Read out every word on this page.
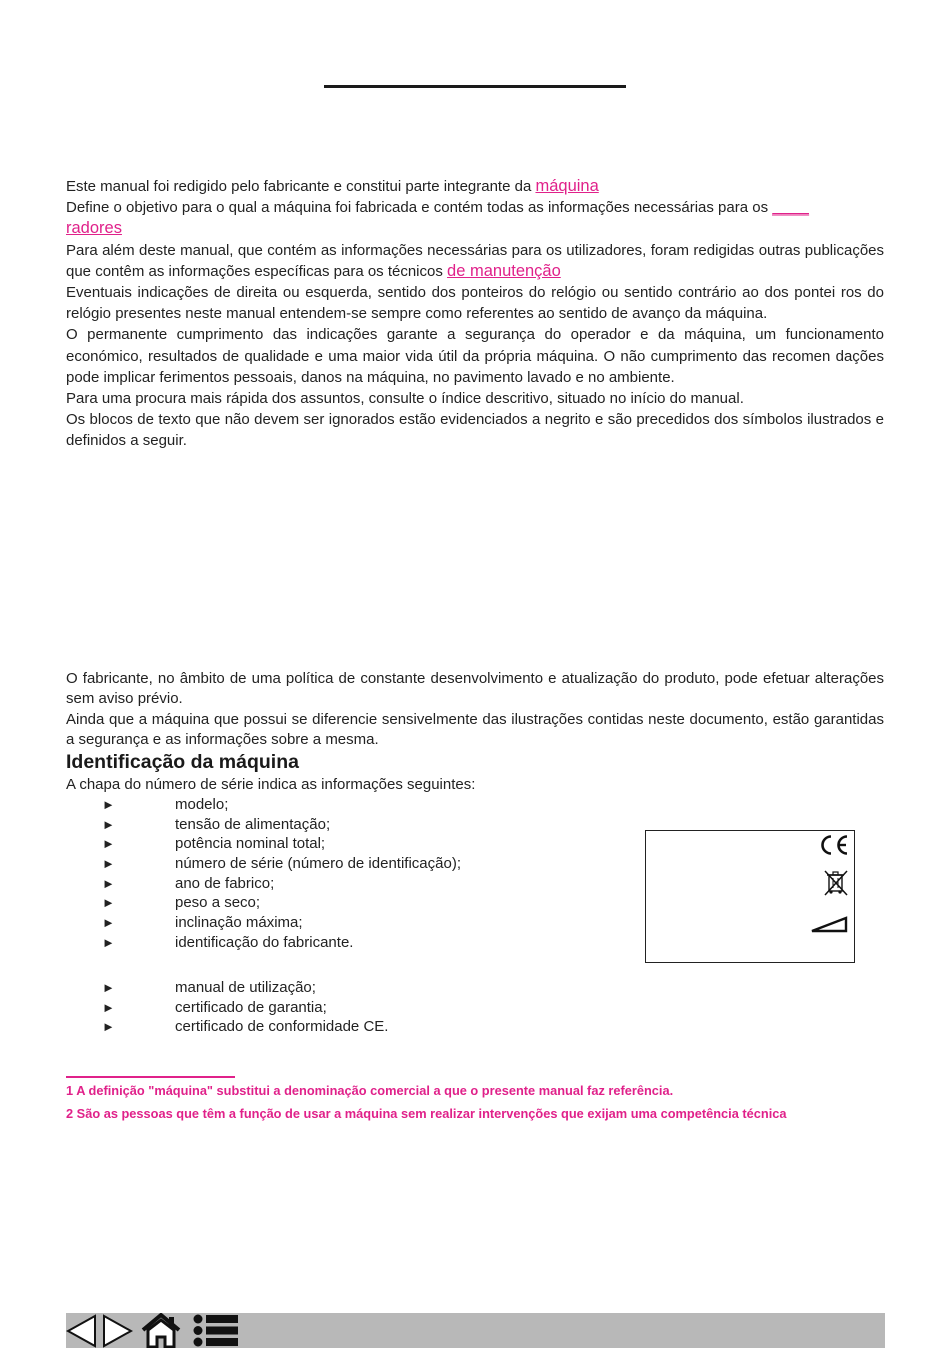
Este manual foi redigido pelo fabricante e constitui parte integrante da máquina

Define o objetivo para o qual a máquina foi fabricada e contém todas as informações necessárias para os ____
radores

Para além deste manual, que contém as informações necessárias para os utilizadores, foram redigidas outras publicações que contêm as informações específicas para os técnicos de manutenção

Eventuais indicações de direita ou esquerda, sentido dos ponteiros do relógio ou sentido contrário ao dos pontei ros do relógio presentes neste manual entendem-se sempre como referentes ao sentido de avanço da máquina.

O permanente cumprimento das indicações garante a segurança do operador e da máquina, um funcionamento económico, resultados de qualidade e uma maior vida útil da própria máquina. O não cumprimento das recomen dações pode implicar ferimentos pessoais, danos na máquina, no pavimento lavado e no ambiente.

Para uma procura mais rápida dos assuntos, consulte o índice descritivo, situado no início do manual.

Os blocos de texto que não devem ser ignorados estão evidenciados a negrito e são precedidos dos símbolos ilustrados e definidos a seguir.

O fabricante, no âmbito de uma política de constante desenvolvimento e atualização do produto, pode efetuar alterações sem aviso prévio.

Ainda que a máquina que possui se diferencie sensivelmente das ilustrações contidas neste documento, estão garantidas a segurança e as informações sobre a mesma.

Identificação da máquina
A chapa do número de série indica as informações seguintes:
►	modelo;
►	tensão de alimentação;
►	potência nominal total;
►	número de série (número de identificação);
►	ano de fabrico;
►	peso a seco;
►	inclinação máxima;
►	identificação do fabricante.
►	manual de utilização;
►	certificado de garantia;
►	certificado de conformidade CE.
1 A definição "máquina" substitui a denominação comercial a que o presente manual faz referência.
2 São as pessoas que têm a função de usar a máquina sem realizar intervenções que exijam uma competência técnica
